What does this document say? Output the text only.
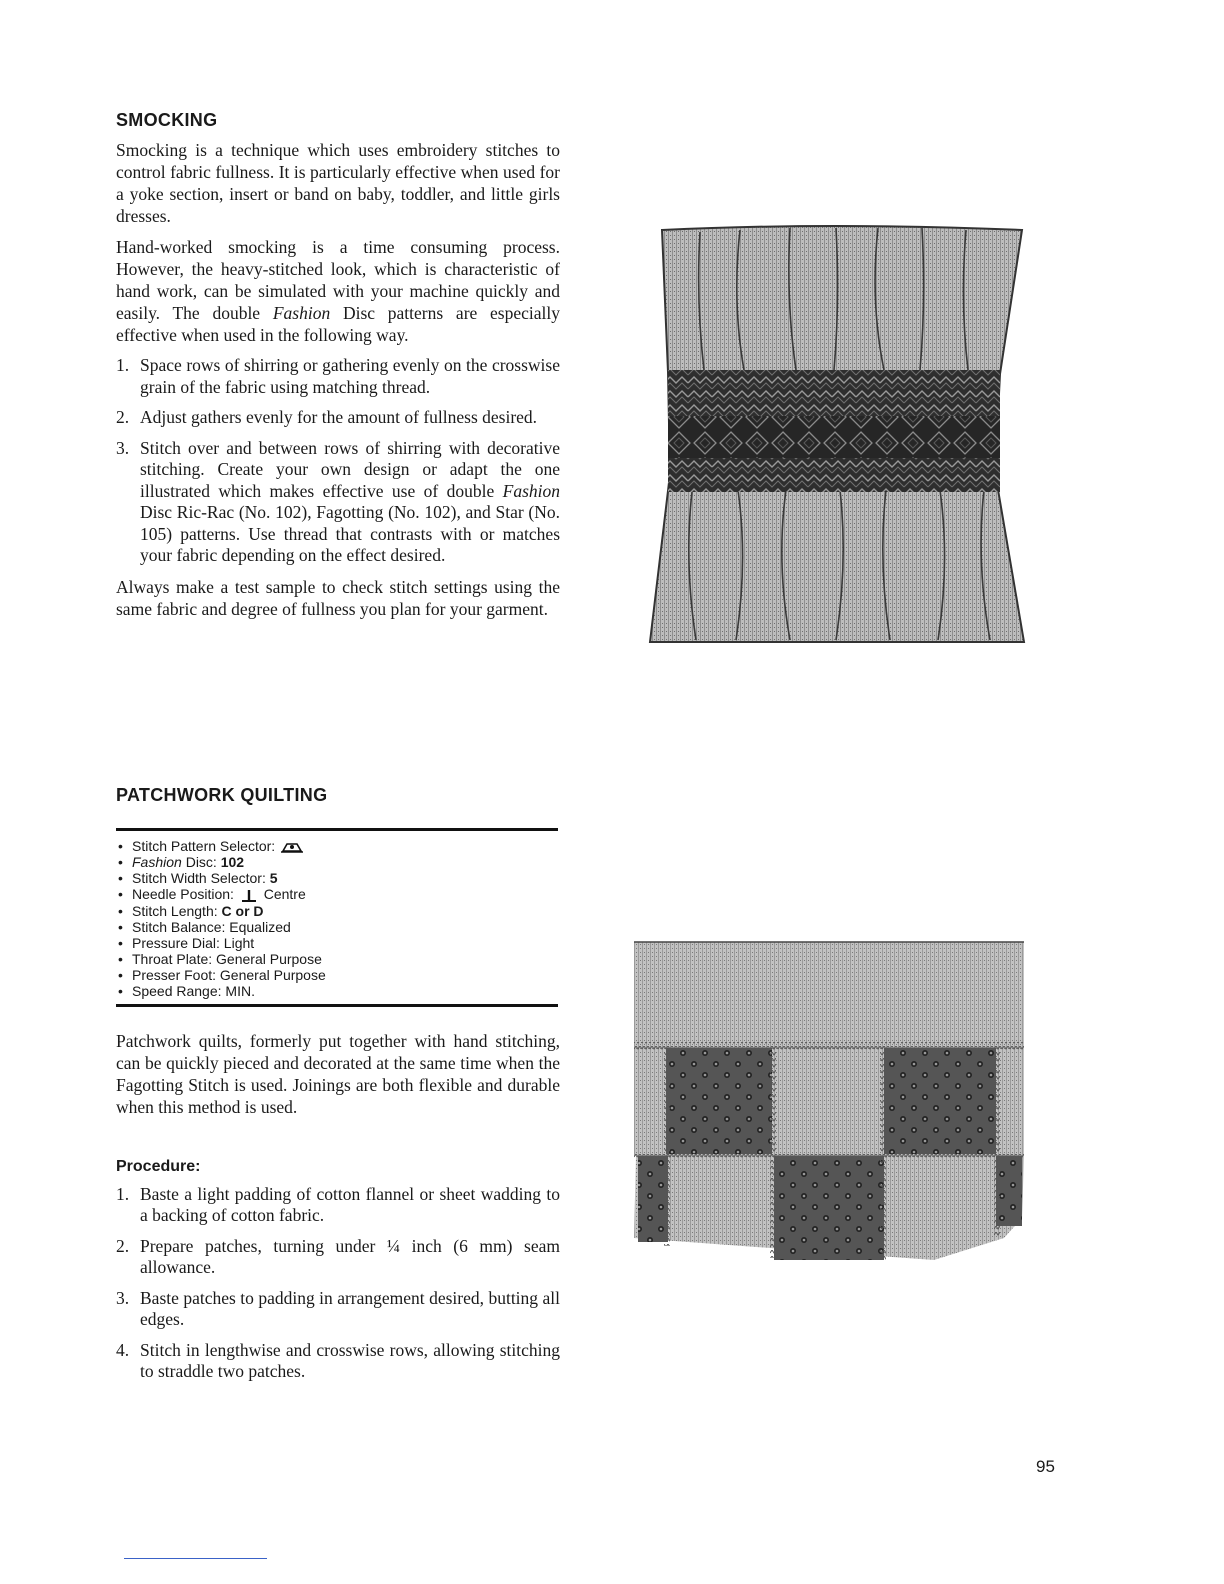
SMOCKING

Smocking is a technique which uses embroidery stitches to control fabric fullness. It is particularly effective when used for a yoke section, insert or band on baby, toddler, and little girls dresses.

Hand-worked smocking is a time consuming process. However, the heavy-stitched look, which is characteristic of hand work, can be simulated with your machine quickly and easily. The double Fashion Disc patterns are especially effective when used in the following way.

1. Space rows of shirring or gathering evenly on the crosswise grain of the fabric using matching thread.
2. Adjust gathers evenly for the amount of fullness desired.
3. Stitch over and between rows of shirring with decorative stitching. Create your own design or adapt the one illustrated which makes effective use of double Fashion Disc Ric-Rac (No. 102), Fagotting (No. 102), and Star (No. 105) patterns. Use thread that contrasts with or matches your fabric depending on the effect desired.

Always make a test sample to check stitch settings using the same fabric and degree of fullness you plan for your garment.

PATCHWORK QUILTING
• Stitch Pattern Selector:
• Fashion Disc: 102
• Stitch Width Selector: 5
• Needle Position: Centre
• Stitch Length: C or D
• Stitch Balance: Equalized
• Pressure Dial: Light
• Throat Plate: General Purpose
• Presser Foot: General Purpose
• Speed Range: MIN.

Patchwork quilts, formerly put together with hand stitching, can be quickly pieced and decorated at the same time when the Fagotting Stitch is used. Joinings are both flexible and durable when this method is used.

Procedure:
1. Baste a light padding of cotton flannel or sheet wadding to a backing of cotton fabric.
2. Prepare patches, turning under ¼ inch (6 mm) seam allowance.
3. Baste patches to padding in arrangement desired, butting all edges.
4. Stitch in lengthwise and crosswise rows, allowing stitching to straddle two patches.
95
